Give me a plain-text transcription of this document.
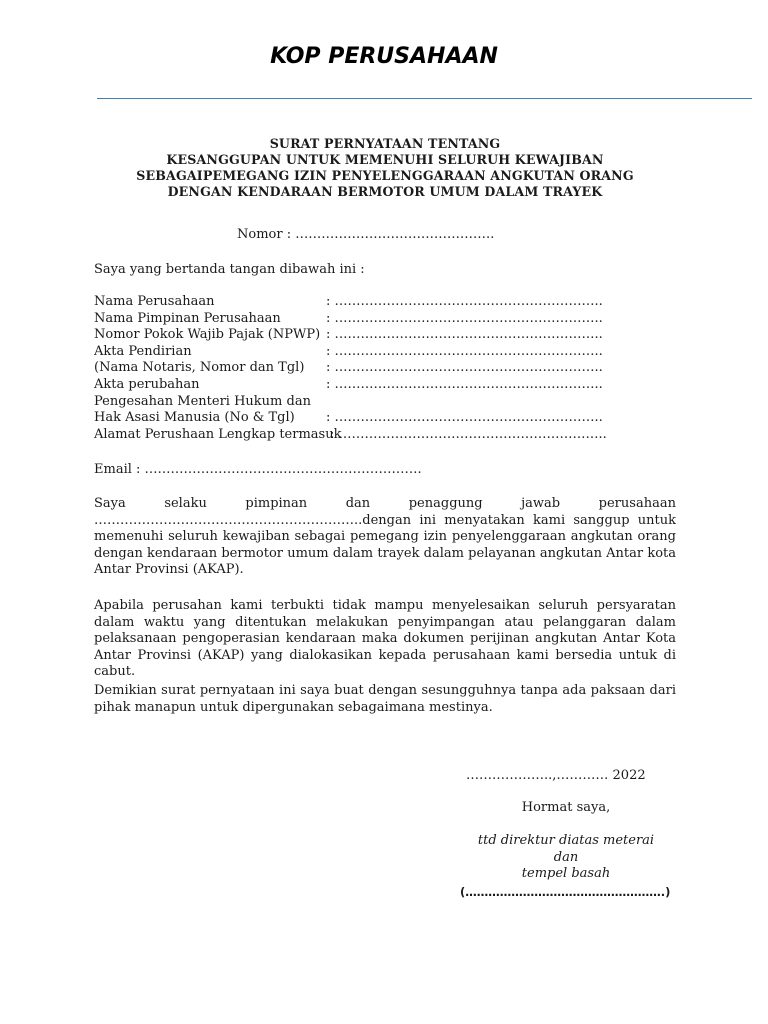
KOP PERUSAHAAN
SURAT PERNYATAAN TENTANG
KESANGGUPAN UNTUK MEMENUHI SELURUH KEWAJIBAN
SEBAGAIPEMEGANG IZIN PENYELENGGARAAN ANGKUTAN ORANG
DENGAN KENDARAAN BERMOTOR UMUM DALAM TRAYEK
Nomor : ……………………………………….
Saya yang bertanda tangan dibawah ini :
Nama Perusahaan	: ……………………………………………………..
Nama Pimpinan Perusahaan	: ……………………………………………………..
Nomor Pokok Wajib Pajak (NPWP) : ……………………………………………………..
Akta Pendirian	: ……………………………………………………..
(Nama Notaris, Nomor dan Tgl) : ……………………………………………………..
Akta perubahan	: ……………………………………………………..
Pengesahan Menteri Hukum dan
Hak Asasi Manusia (No & Tgl) : ……………………………………………………..
Alamat Perushaan Lengkap termasuk
: ……………………………………………………..
Email : ……………………………………………………….
Saya	selaku	pimpinan	dan	penaggung	jawab	perusahaan
……………………………………………………..dengan ini menyatakan kami sanggup untuk memenuhi seluruh kewajiban sebagai pemegang izin penyelenggaraan angkutan orang dengan kendaraan bermotor umum dalam trayek dalam pelayanan angkutan Antar kota Antar Provinsi (AKAP).
Apabila perusahan kami terbukti tidak mampu menyelesaikan seluruh persyaratan dalam waktu yang ditentukan melakukan penyimpangan atau pelanggaran dalam pelaksanaan pengoperasian kendaraan maka dokumen perijinan angkutan Antar Kota Antar Provinsi (AKAP) yang dialokasikan kepada perusahaan kami bersedia untuk di cabut.
Demikian surat pernyataan ini saya buat dengan sesungguhnya tanpa ada paksaan dari pihak manapun untuk dipergunakan sebagaimana mestinya.
………………..,………… 2022
Hormat saya,
ttd direktur diatas meterai dan
tempel basah
(…………………………………………….)
